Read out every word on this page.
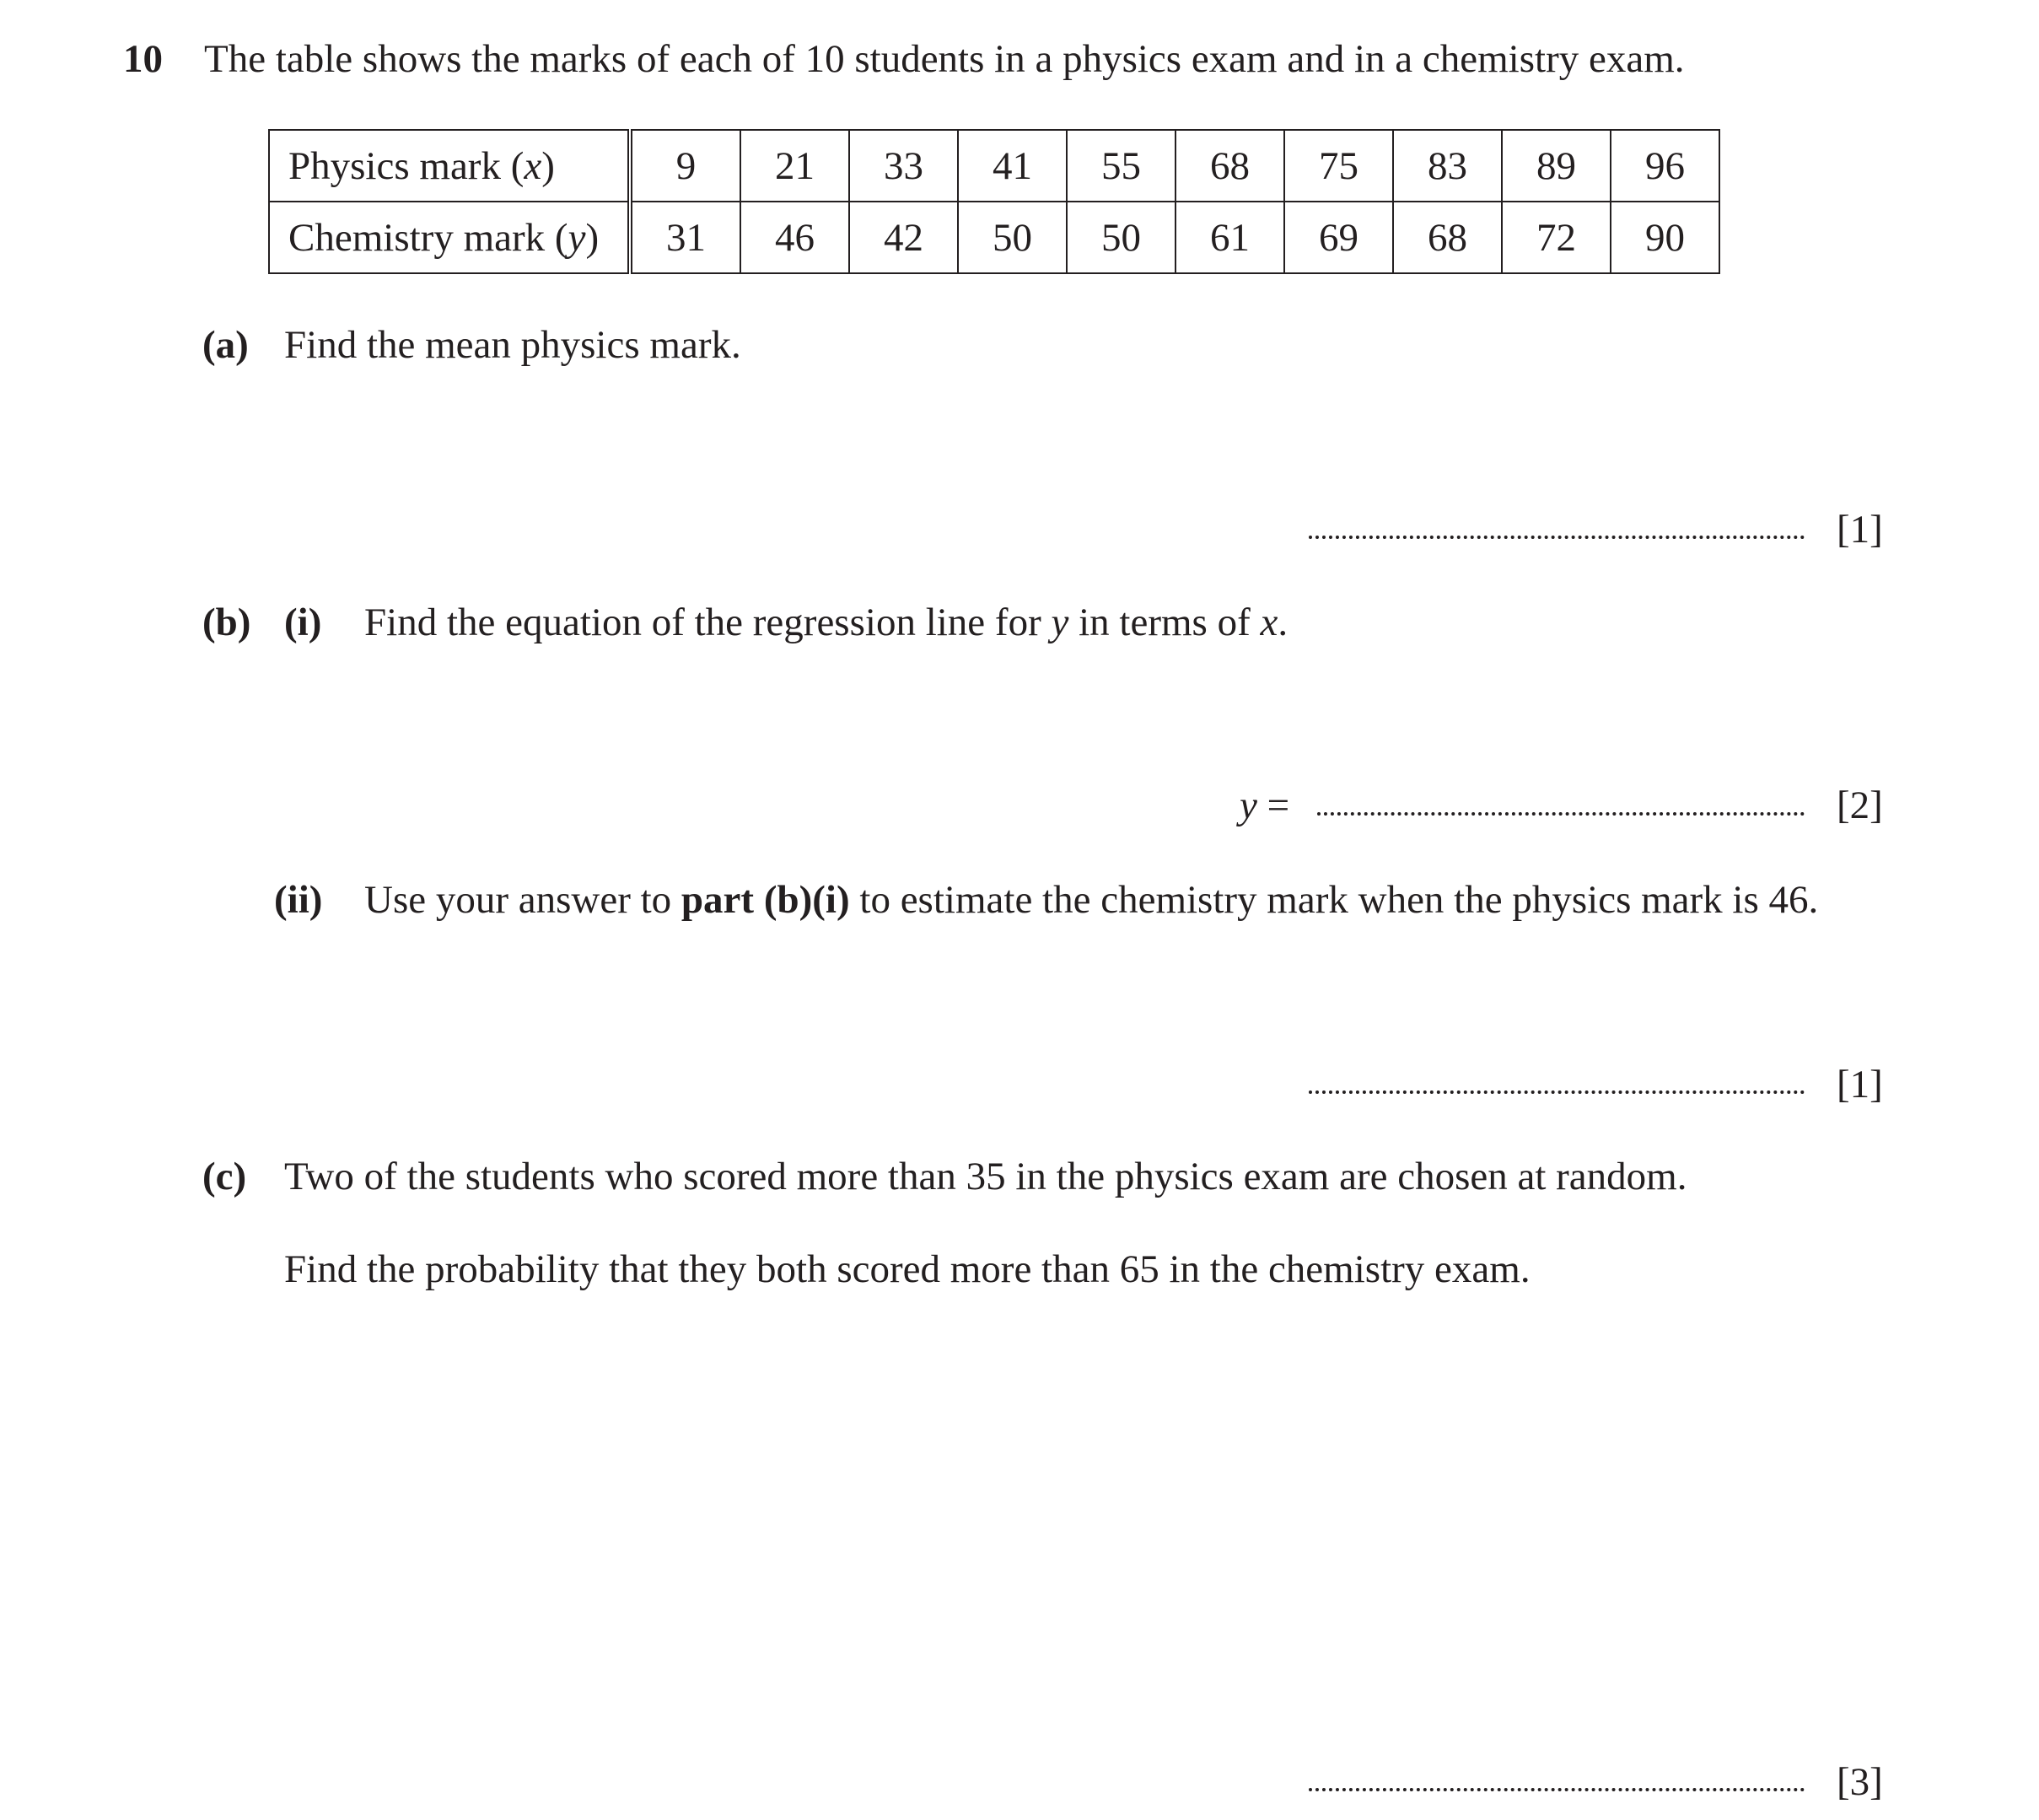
10 The table shows the marks of each of 10 students in a physics exam and in a chemistry exam.
Physics mark (x)	9	21	33	41	55	68	75	83	89	96
Chemistry mark (y)	31	46	42	50	50	61	69	68	72	90
(a) Find the mean physics mark.
[1]
(b) (i) Find the equation of the regression line for y in terms of x.
y =	[2]
(ii) Use your answer to part (b)(i) to estimate the chemistry mark when the physics mark is 46.
[1]
(c) Two of the students who scored more than 35 in the physics exam are chosen at random.
Find the probability that they both scored more than 65 in the chemistry exam.
[3]
